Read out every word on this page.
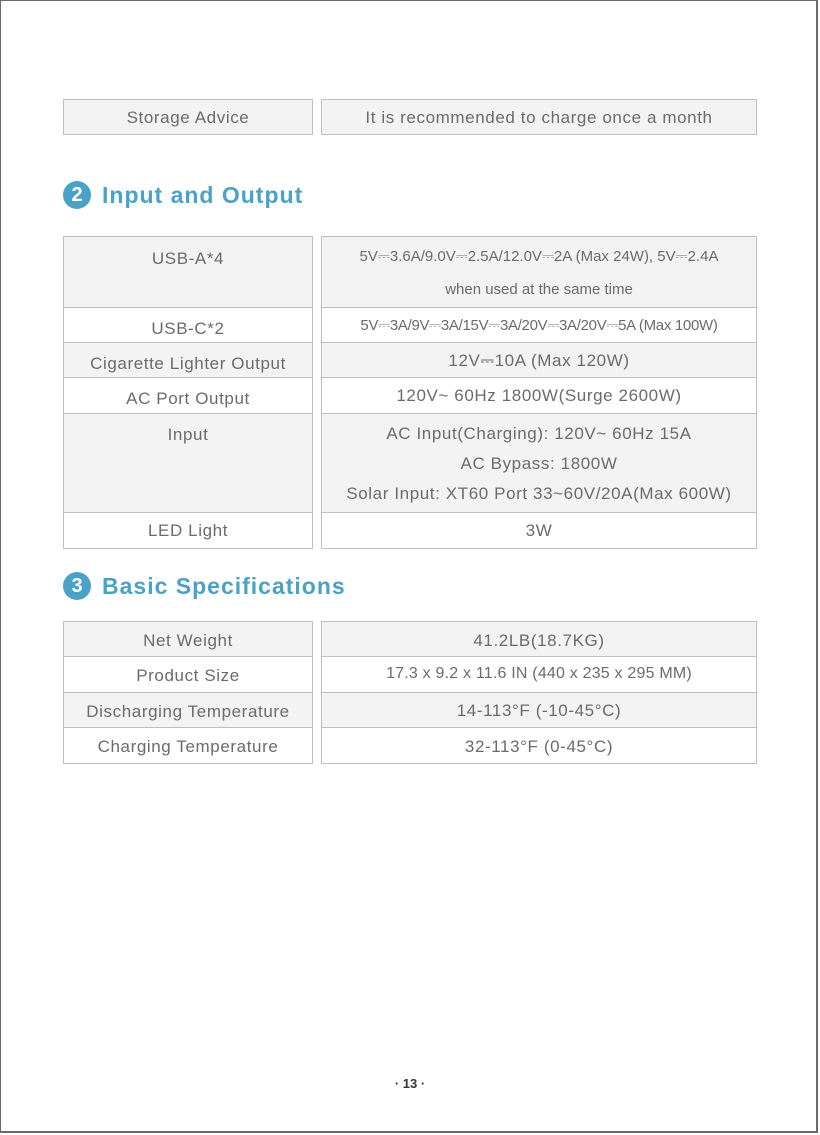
Storage Advice	It is recommended to charge once a month
2 Input and Output
USB-A*4	5V⎓3.6A/9.0V⎓2.5A/12.0V⎓2A (Max 24W), 5V⎓2.4A
when used at the same time
USB-C*2	5V⎓3A/9V⎓3A/15V⎓3A/20V⎓3A/20V⎓5A (Max 100W)
Cigarette Lighter Output	12V⎓10A (Max 120W)
AC Port Output	120V~ 60Hz 1800W(Surge 2600W)
Input	AC Input(Charging): 120V~ 60Hz 15A
AC Bypass: 1800W
Solar Input: XT60 Port 33~60V/20A(Max 600W)
LED Light	3W
3 Basic Specifications
Net Weight	41.2LB(18.7KG)
Product Size	17.3 x 9.2 x 11.6 IN (440 x 235 x 295 MM)
Discharging Temperature	14-113°F (-10-45°C)
Charging Temperature	32-113°F (0-45°C)
· 13 ·
